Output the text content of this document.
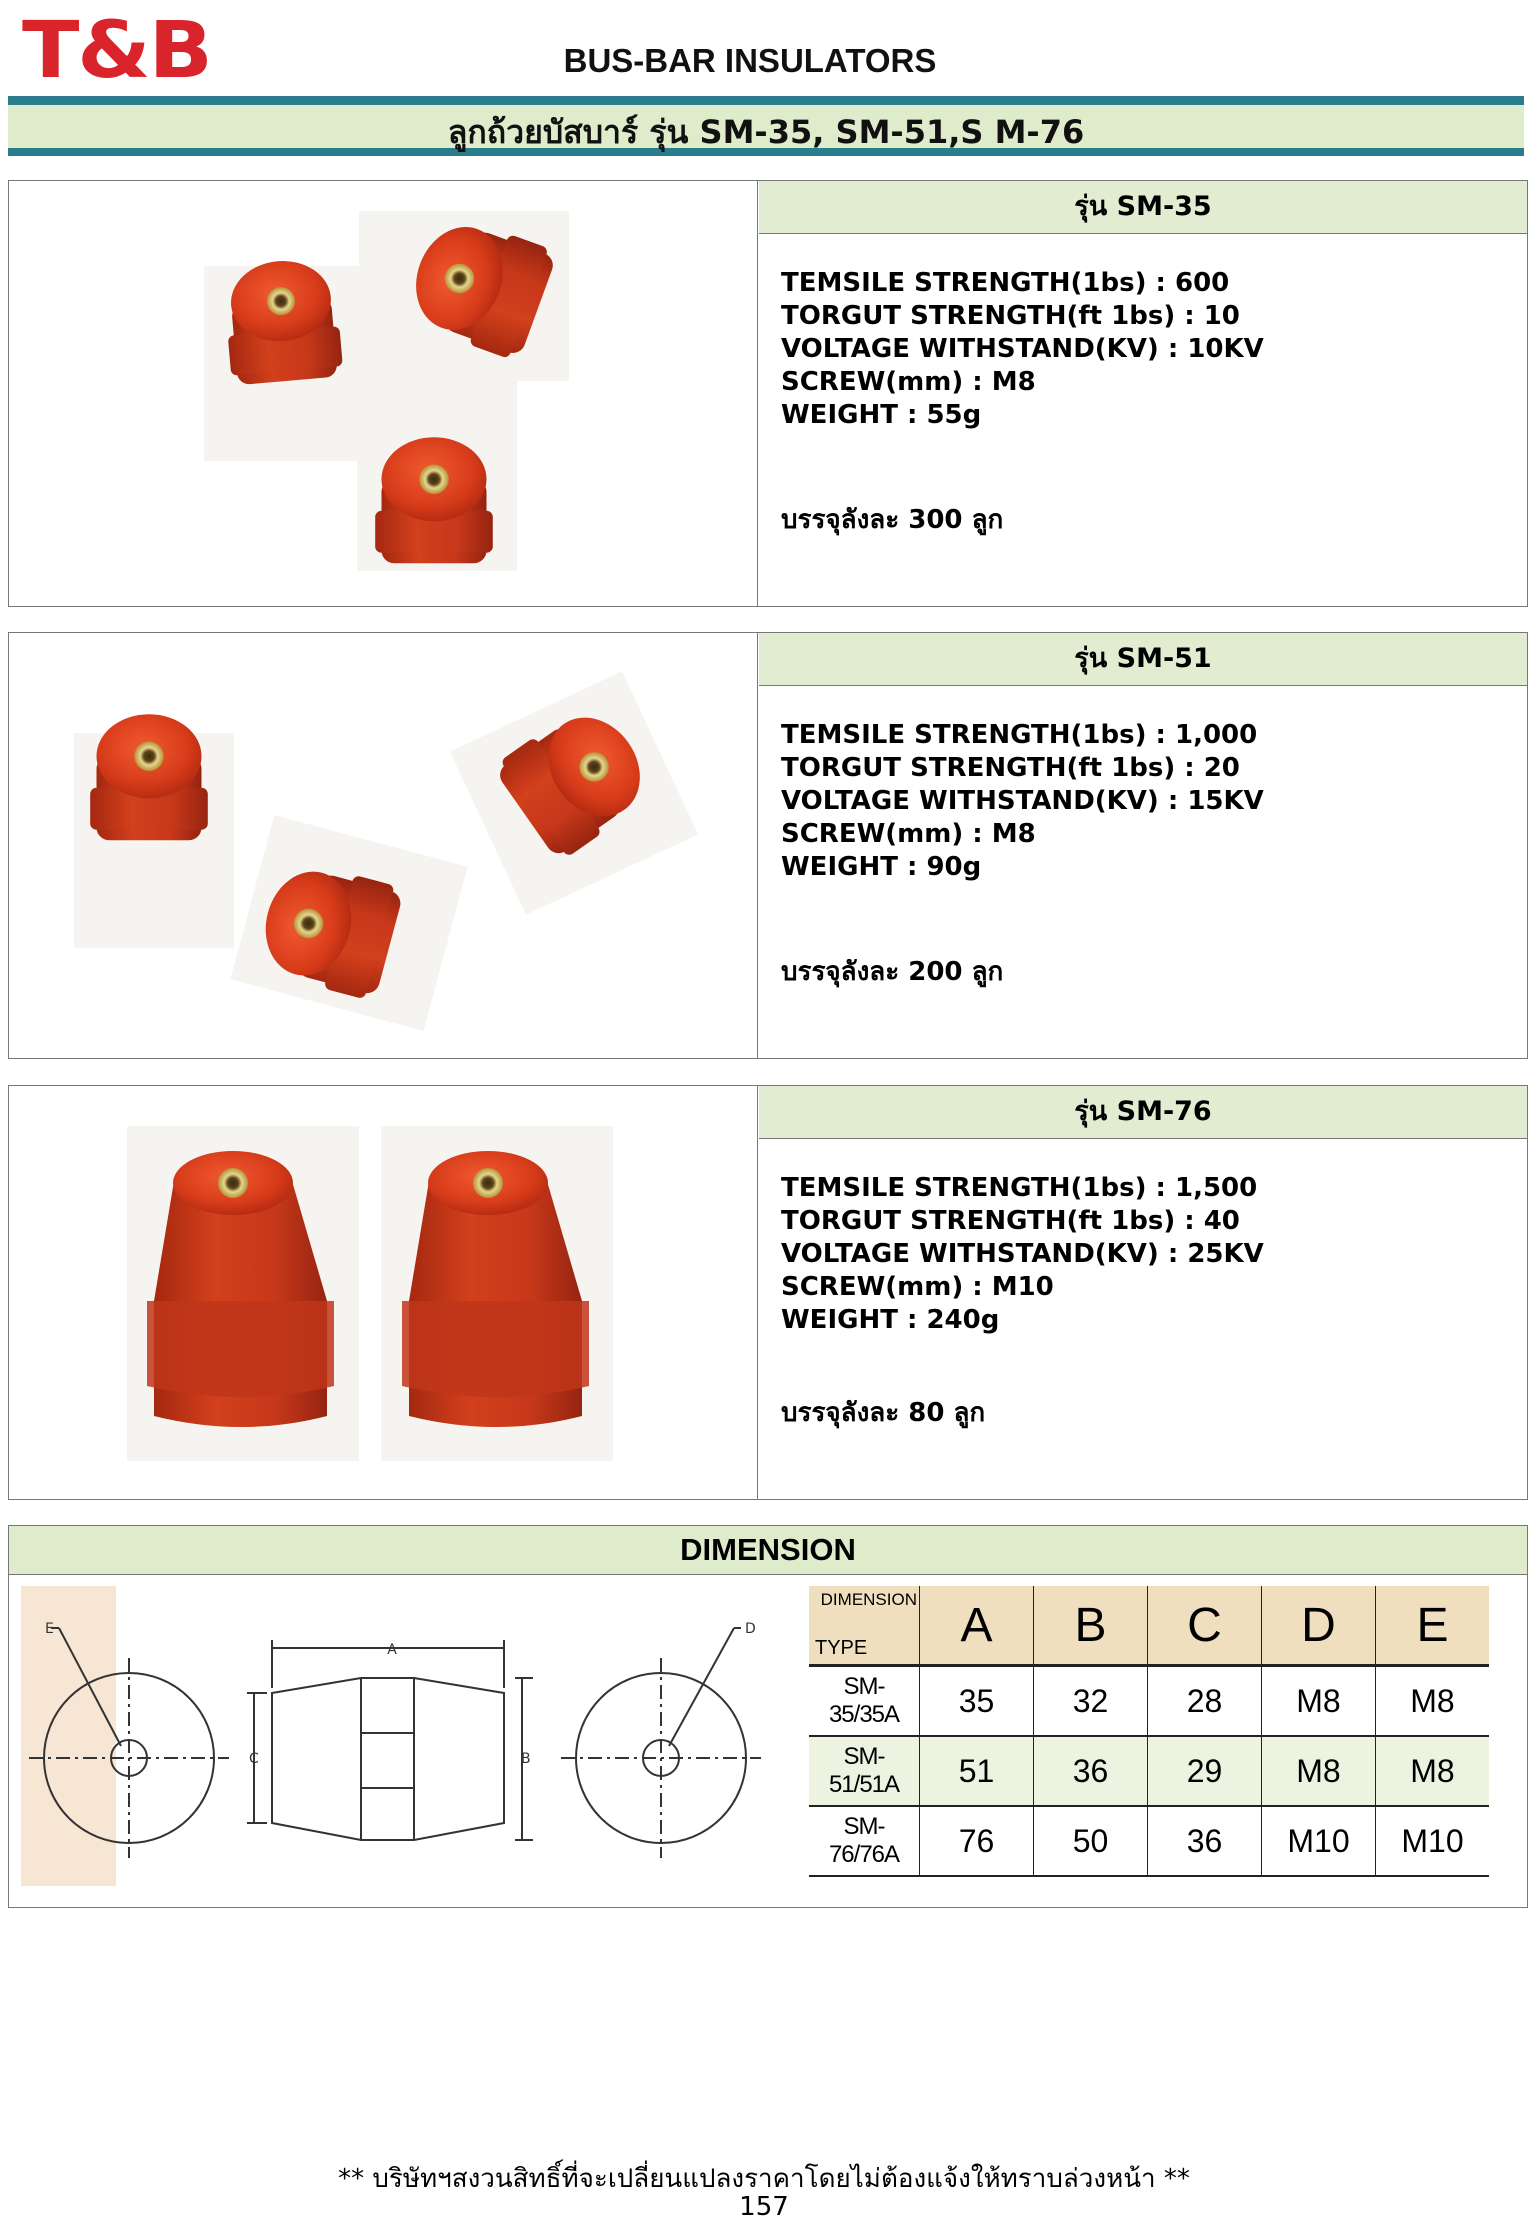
T&B	BUS-BAR INSULATORS
ลูกถ้วยบัสบาร์ รุ่น SM-35, SM-51,S M-76
รุ่น SM-35
TEMSILE STRENGTH(1bs) : 600
TORGUT STRENGTH(ft 1bs) : 10
VOLTAGE WITHSTAND(KV) : 10KV
SCREW(mm) : M8
WEIGHT : 55g
บรรจุลังละ 300 ลูก
รุ่น SM-51
TEMSILE STRENGTH(1bs) : 1,000
TORGUT STRENGTH(ft 1bs) : 20
VOLTAGE WITHSTAND(KV) : 15KV
SCREW(mm) : M8
WEIGHT : 90g
บรรจุลังละ 200 ลูก
รุ่น SM-76
TEMSILE STRENGTH(1bs) : 1,500
TORGUT STRENGTH(ft 1bs) : 40
VOLTAGE WITHSTAND(KV) : 25KV
SCREW(mm) : M10
WEIGHT : 240g
บรรจุลังละ 80 ลูก
DIMENSION
E
A
C	B
D
DIMENSION
TYPE	A	B	C	D	E
SM-35/35A	35	32	28	M8	M8
SM-51/51A	51	36	29	M8	M8
SM-76/76A	76	50	36	M10	M10
** บริษัทฯสงวนสิทธิ์ที่จะเปลี่ยนแปลงราคาโดยไม่ต้องแจ้งให้ทราบล่วงหน้า **
157
